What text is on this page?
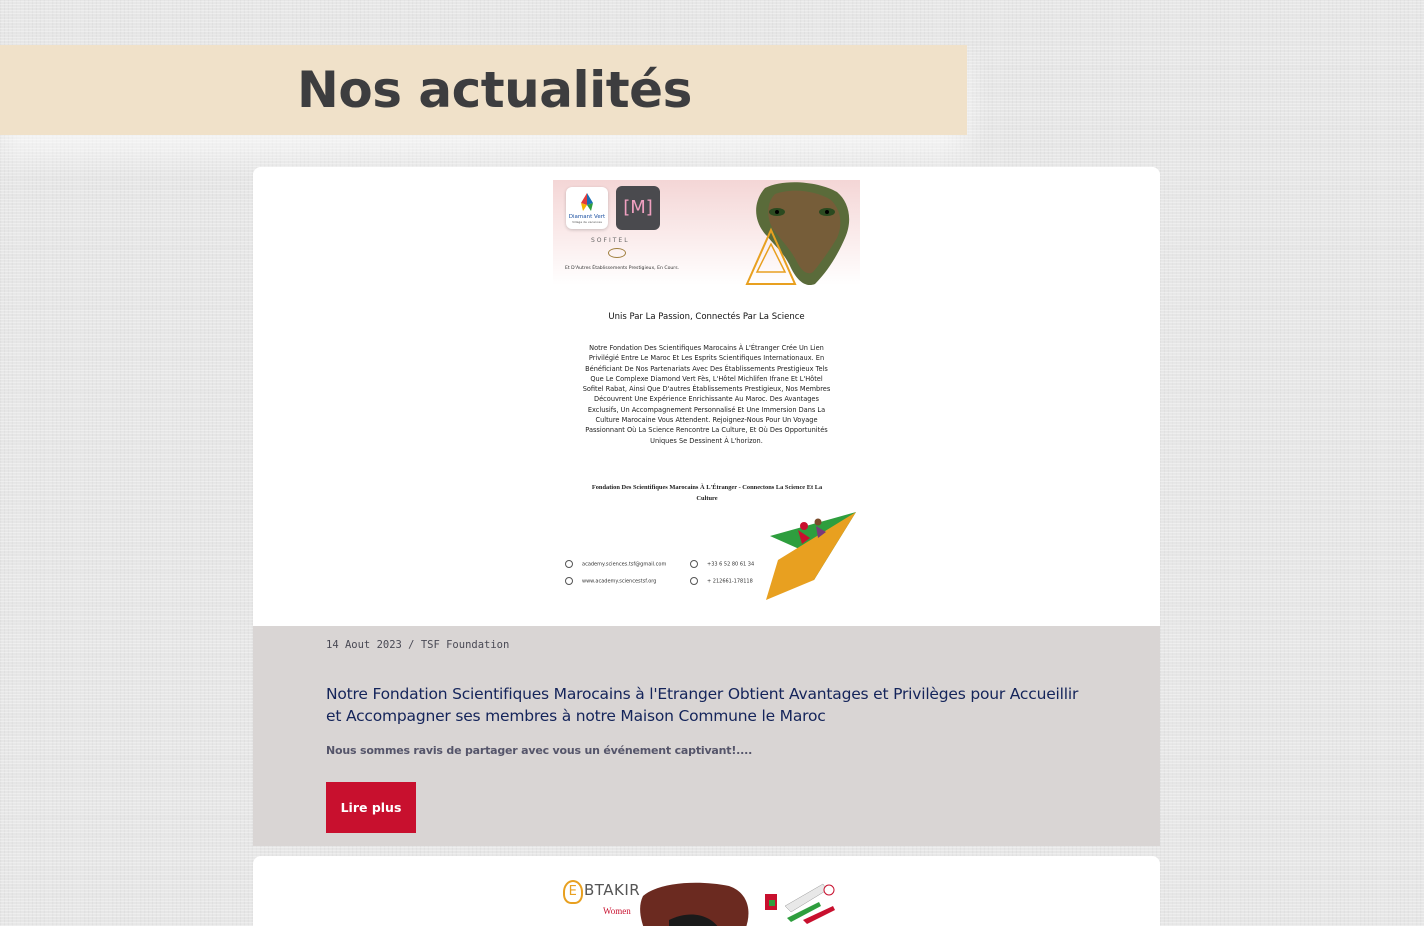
Nos actualités
Diamant Vert
Village de vacances
[M]
SOFITEL
Et D'Autres Établissements Prestigieux, En Cours.
Unis Par La Passion, Connectés Par La Science
Notre Fondation Des Scientifiques Marocains À L'Étranger Crée Un Lien Privilégié Entre Le Maroc Et Les Esprits Scientifiques Internationaux. En Bénéficiant De Nos Partenariats Avec Des Établissements Prestigieux Tels Que Le Complexe Diamond Vert Fès, L'Hôtel Michlifen Ifrane Et L'Hôtel Sofitel Rabat, Ainsi Que D'autres Établissements Prestigieux, Nos Membres Découvrent Une Expérience Enrichissante Au Maroc. Des Avantages Exclusifs, Un Accompagnement Personnalisé Et Une Immersion Dans La Culture Marocaine Vous Attendent. Rejoignez-Nous Pour Un Voyage Passionnant Où La Science Rencontre La Culture, Et Où Des Opportunités Uniques Se Dessinent À L'horizon.
Fondation Des Scientifiques Marocains À L'Étranger - Connectons La Science Et La Culture
academy.sciences.tsf@gmail.com	+33 6 52 80 61 34
www.academy.sciencestsf.org	+ 212661-178118
14 Aout 2023 / TSF Foundation
Notre Fondation Scientifiques Marocains à l'Etranger Obtient Avantages et Privilèges pour Accueillir et Accompagner ses membres à notre Maison Commune le Maroc
Nous sommes ravis de partager avec vous un événement captivant!....
Lire plus
E BTAKIR
Women
